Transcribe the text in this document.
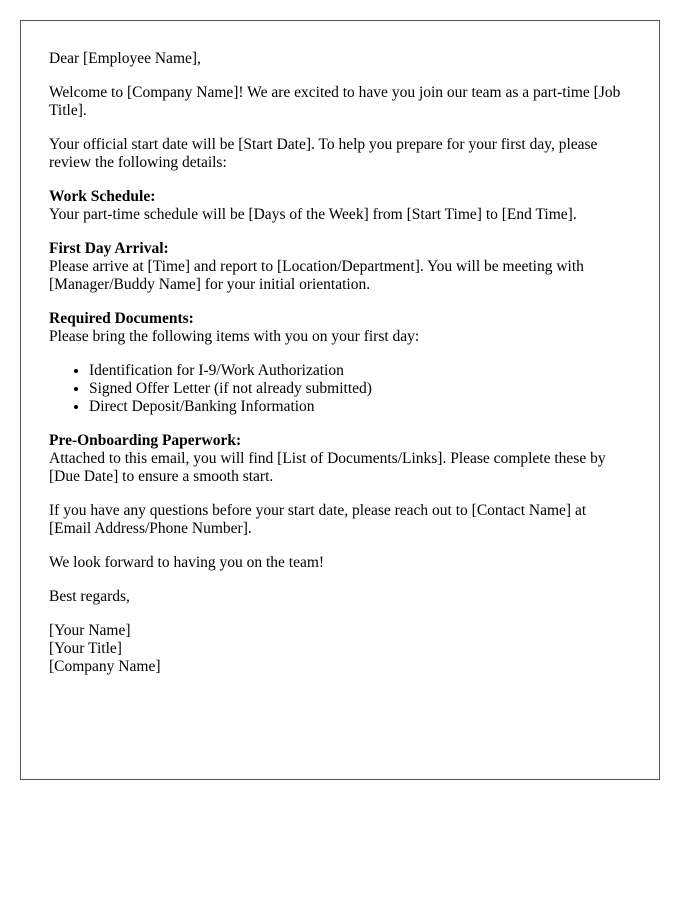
Dear [Employee Name],

Welcome to [Company Name]! We are excited to have you join our team as a part-time [Job Title].

Your official start date will be [Start Date]. To help you prepare for your first day, please review the following details:

Work Schedule:
Your part-time schedule will be [Days of the Week] from [Start Time] to [End Time].
First Day Arrival:
Please arrive at [Time] and report to [Location/Department]. You will be meeting with [Manager/Buddy Name] for your initial orientation.
Required Documents:
Please bring the following items with you on your first day:
• Identification for I-9/Work Authorization
• Signed Offer Letter (if not already submitted)
• Direct Deposit/Banking Information
Pre-Onboarding Paperwork:
Attached to this email, you will find [List of Documents/Links]. Please complete these by [Due Date] to ensure a smooth start.

If you have any questions before your start date, please reach out to [Contact Name] at [Email Address/Phone Number].

We look forward to having you on the team!

Best regards,

[Your Name]
[Your Title]
[Company Name]
